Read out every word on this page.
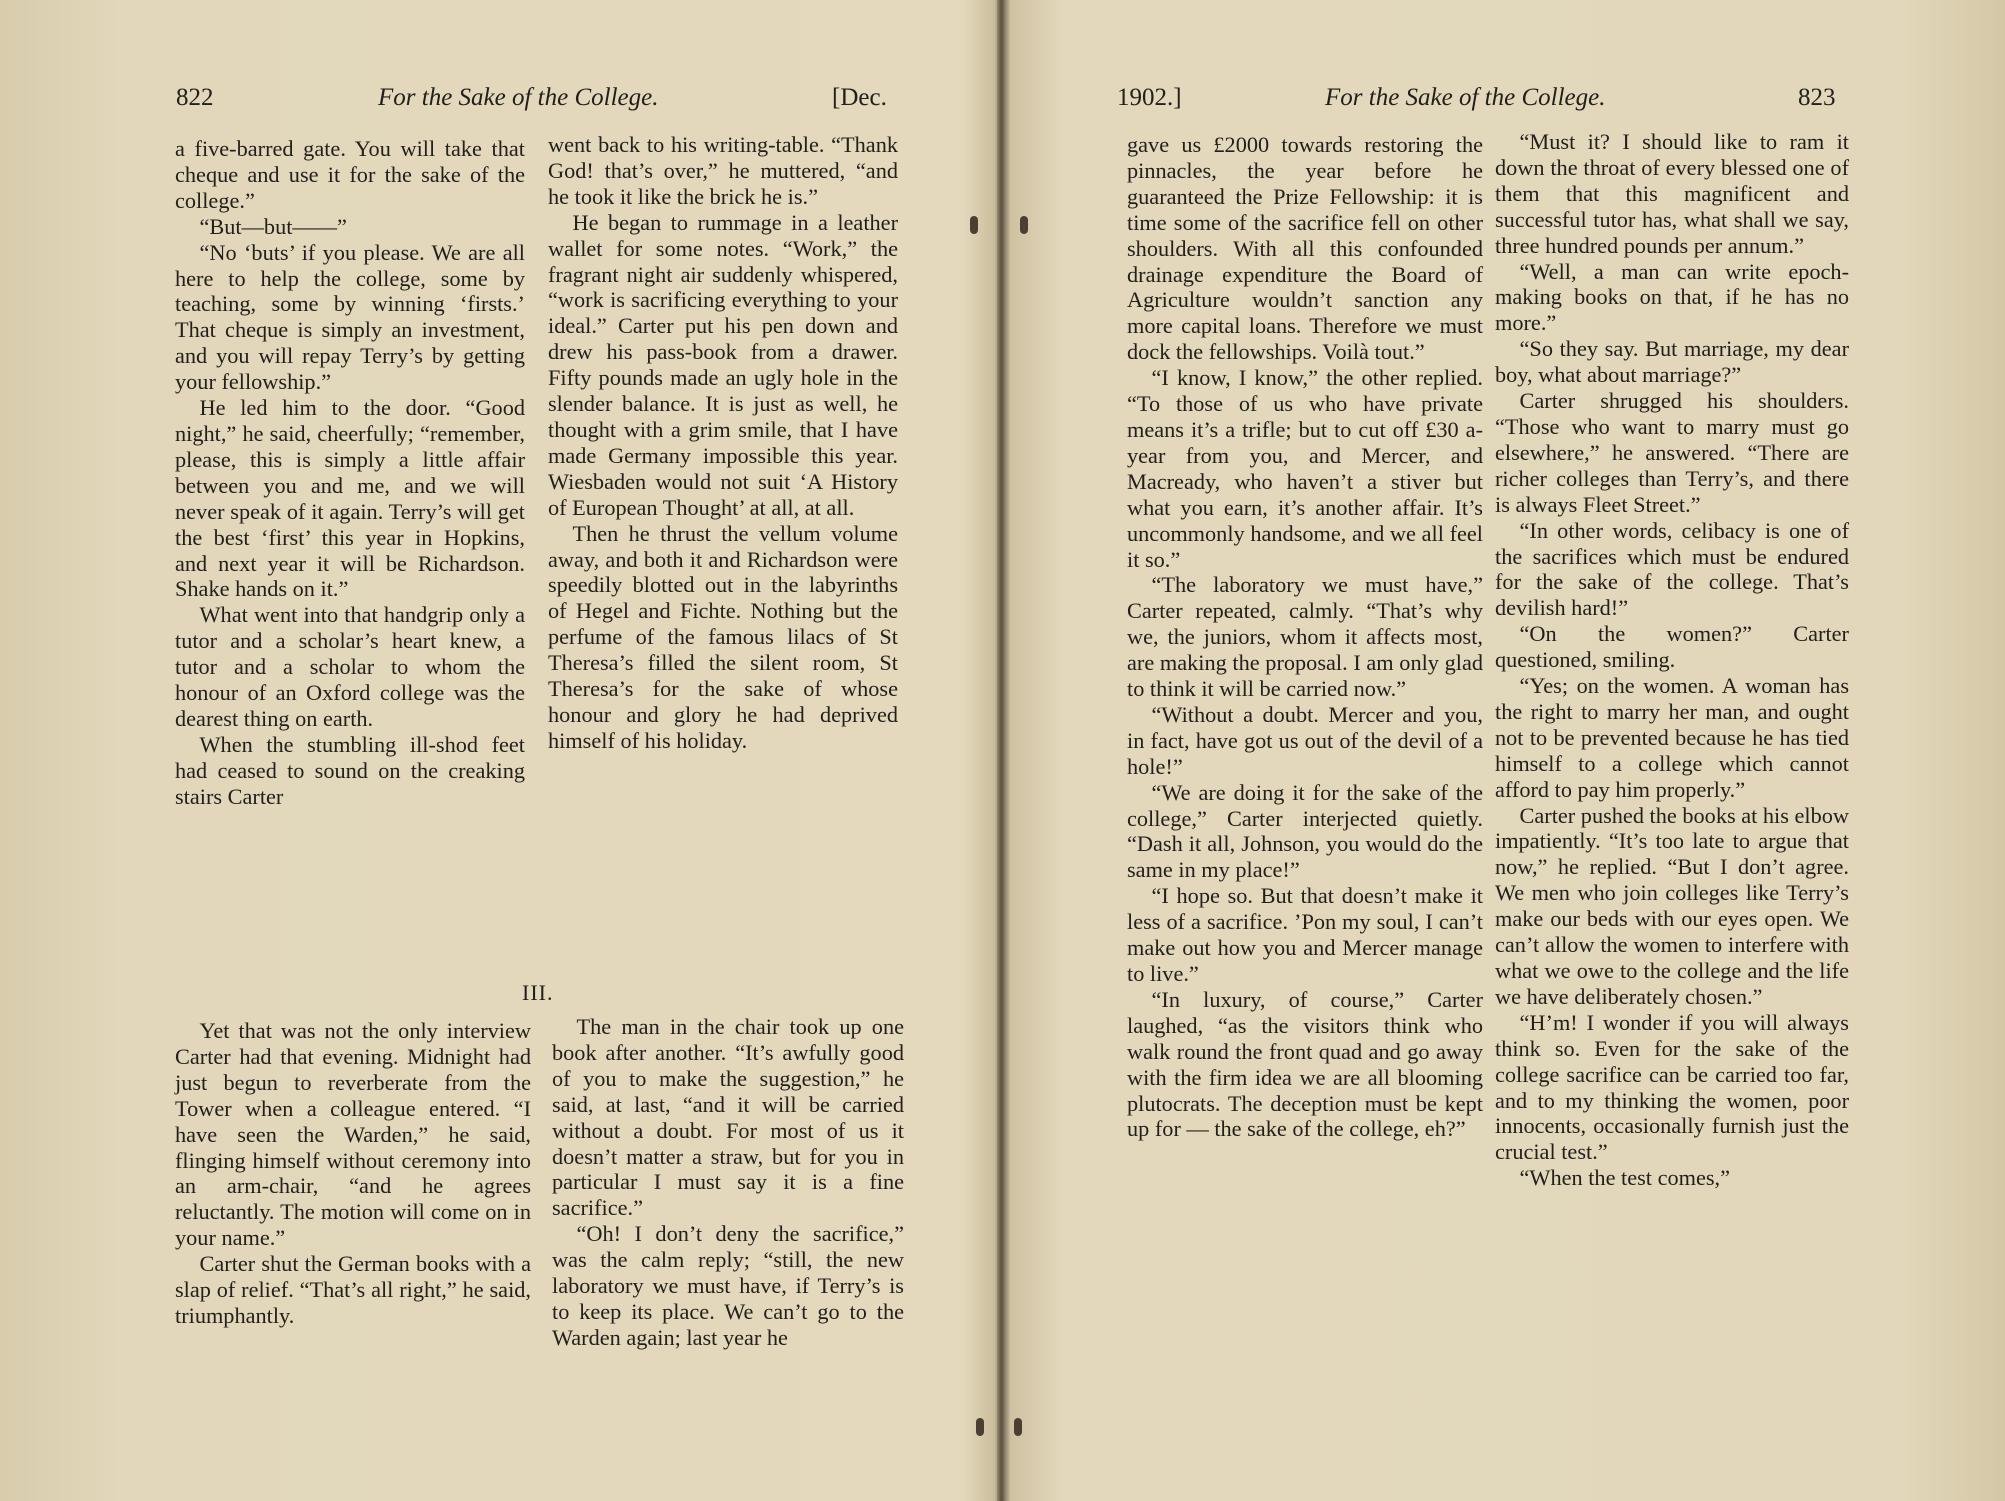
822	For the Sake of the College.	[Dec.

a five-barred gate. You will take that cheque and use it for the sake of the college.”

“But—but——”

“No ‘buts’ if you please. We are all here to help the college, some by teaching, some by winning ‘firsts.’ That cheque is simply an investment, and you will repay Terry’s by getting your fellowship.”

He led him to the door. “Good night,” he said, cheerfully; “remember, please, this is simply a little affair between you and me, and we will never speak of it again. Terry’s will get the best ‘first’ this year in Hopkins, and next year it will be Richardson. Shake hands on it.”

What went into that handgrip only a tutor and a scholar’s heart knew, a tutor and a scholar to whom the honour of an Oxford college was the dearest thing on earth.

When the stumbling ill-shod feet had ceased to sound on the creaking stairs Carter

went back to his writing-table. “Thank God! that’s over,” he muttered, “and he took it like the brick he is.”

He began to rummage in a leather wallet for some notes. “Work,” the fragrant night air suddenly whispered, “work is sacrificing everything to your ideal.” Carter put his pen down and drew his pass-book from a drawer. Fifty pounds made an ugly hole in the slender balance. It is just as well, he thought with a grim smile, that I have made Germany impossible this year. Wiesbaden would not suit ‘A History of European Thought’ at all, at all.

Then he thrust the vellum volume away, and both it and Richardson were speedily blotted out in the labyrinths of Hegel and Fichte. Nothing but the perfume of the famous lilacs of St Theresa’s filled the silent room, St Theresa’s for the sake of whose honour and glory he had deprived himself of his holiday.

III.

Yet that was not the only interview Carter had that evening. Midnight had just begun to reverberate from the Tower when a colleague entered. “I have seen the Warden,” he said, flinging himself without ceremony into an arm-chair, “and he agrees reluctantly. The motion will come on in your name.”

Carter shut the German books with a slap of relief. “That’s all right,” he said, triumphantly.

The man in the chair took up one book after another. “It’s awfully good of you to make the suggestion,” he said, at last, “and it will be carried without a doubt. For most of us it doesn’t matter a straw, but for you in particular I must say it is a fine sacrifice.”

“Oh! I don’t deny the sacrifice,” was the calm reply; “still, the new laboratory we must have, if Terry’s is to keep its place. We can’t go to the Warden again; last year he

1902.]	For the Sake of the College.	823

gave us £2000 towards restoring the pinnacles, the year before he guaranteed the Prize Fellowship: it is time some of the sacrifice fell on other shoulders. With all this confounded drainage expenditure the Board of Agriculture wouldn’t sanction any more capital loans. Therefore we must dock the fellowships. Voilà tout.”

“I know, I know,” the other replied. “To those of us who have private means it’s a trifle; but to cut off £30 a-year from you, and Mercer, and Macready, who haven’t a stiver but what you earn, it’s another affair. It’s uncommonly handsome, and we all feel it so.”

“The laboratory we must have,” Carter repeated, calmly. “That’s why we, the juniors, whom it affects most, are making the proposal. I am only glad to think it will be carried now.”

“Without a doubt. Mercer and you, in fact, have got us out of the devil of a hole!”

“We are doing it for the sake of the college,” Carter interjected quietly. “Dash it all, Johnson, you would do the same in my place!”

“I hope so. But that doesn’t make it less of a sacrifice. ’Pon my soul, I can’t make out how you and Mercer manage to live.”

“In luxury, of course,” Carter laughed, “as the visitors think who walk round the front quad and go away with the firm idea we are all blooming plutocrats. The deception must be kept up for — the sake of the college, eh?”

“Must it? I should like to ram it down the throat of every blessed one of them that this magnificent and successful tutor has, what shall we say, three hundred pounds per annum.”

“Well, a man can write epoch-making books on that, if he has no more.”

“So they say. But marriage, my dear boy, what about marriage?”

Carter shrugged his shoulders. “Those who want to marry must go elsewhere,” he answered. “There are richer colleges than Terry’s, and there is always Fleet Street.”

“In other words, celibacy is one of the sacrifices which must be endured for the sake of the college. That’s devilish hard!”

“On the women?” Carter questioned, smiling.

“Yes; on the women. A woman has the right to marry her man, and ought not to be prevented because he has tied himself to a college which cannot afford to pay him properly.”

Carter pushed the books at his elbow impatiently. “It’s too late to argue that now,” he replied. “But I don’t agree. We men who join colleges like Terry’s make our beds with our eyes open. We can’t allow the women to interfere with what we owe to the college and the life we have deliberately chosen.”

“H’m! I wonder if you will always think so. Even for the sake of the college sacrifice can be carried too far, and to my thinking the women, poor innocents, occasionally furnish just the crucial test.”

“When the test comes,”
